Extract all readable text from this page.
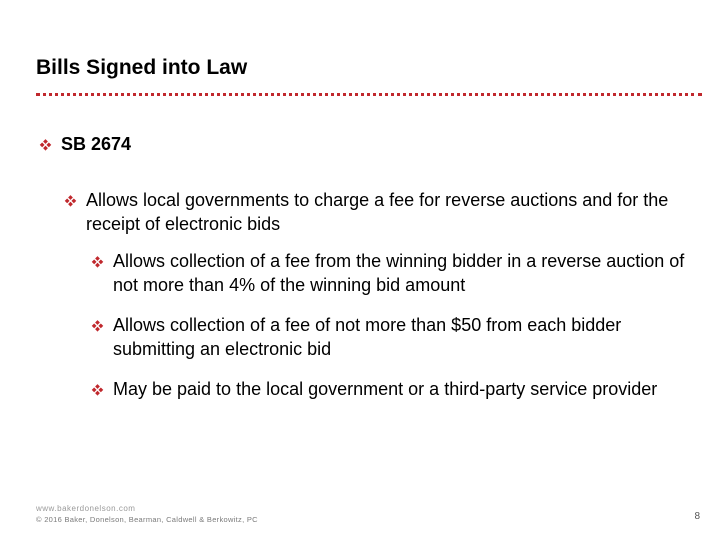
Bills Signed into Law
SB 2674
Allows local governments to charge a fee for reverse auctions and for the receipt of electronic bids
Allows collection of a fee from the winning bidder in a reverse auction of not more than 4% of the winning bid amount
Allows collection of a fee of not more than $50 from each bidder submitting an electronic bid
May be paid to the local government or a third-party service provider
www.bakerdonelson.com
© 2016 Baker, Donelson, Bearman, Caldwell & Berkowitz, PC	8
